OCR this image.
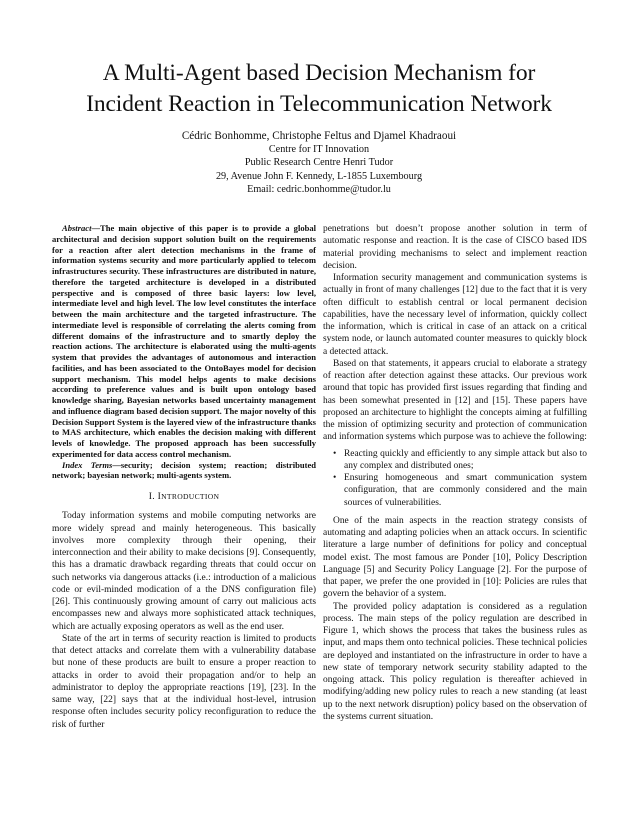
A Multi-Agent based Decision Mechanism for
Incident Reaction in Telecommunication Network
Cédric Bonhomme, Christophe Feltus and Djamel Khadraoui
Centre for IT Innovation
Public Research Centre Henri Tudor
29, Avenue John F. Kennedy, L-1855 Luxembourg
Email: cedric.bonhomme@tudor.lu

Abstract—The main objective of this paper is to provide a global architectural and decision support solution built on the requirements for a reaction after alert detection mechanisms in the frame of information systems security and more particularly applied to telecom infrastructures security. These infrastructures are distributed in nature, therefore the targeted architecture is developed in a distributed perspective and is composed of three basic layers: low level, intermediate level and high level. The low level constitutes the interface between the main architecture and the targeted infrastructure. The intermediate level is responsible of correlating the alerts coming from different domains of the infrastructure and to smartly deploy the reaction actions. The architecture is elaborated using the multi-agents system that provides the advantages of autonomous and interaction facilities, and has been associated to the OntoBayes model for decision support mechanism. This model helps agents to make decisions according to preference values and is built upon ontology based knowledge sharing, Bayesian networks based uncertainty management and influence diagram based decision support. The major novelty of this Decision Support System is the layered view of the infrastructure thanks to MAS architecture, which enables the decision making with different levels of knowledge. The proposed approach has been successfully experimented for data access control mechanism.

Index Terms—security; decision system; reaction; distributed network; bayesian network; multi-agents system.

I. INTRODUCTION

Today information systems and mobile computing networks are more widely spread and mainly heterogeneous. This basically involves more complexity through their opening, their interconnection and their ability to make decisions [9]. Consequently, this has a dramatic drawback regarding threats that could occur on such networks via dangerous attacks (i.e.: introduction of a malicious code or evil-minded modication of a the DNS configuration file) [26]. This continuously growing amount of carry out malicious acts encompasses new and always more sophisticated attack techniques, which are actually exposing operators as well as the end user.

State of the art in terms of security reaction is limited to products that detect attacks and correlate them with a vulnerability database but none of these products are built to ensure a proper reaction to attacks in order to avoid their propagation and/or to help an administrator to deploy the appropriate reactions [19], [23]. In the same way, [22] says that at the individual host-level, intrusion response often includes security policy reconfiguration to reduce the risk of further

penetrations but doesn’t propose another solution in term of automatic response and reaction. It is the case of CISCO based IDS material providing mechanisms to select and implement reaction decision.

Information security management and communication systems is actually in front of many challenges [12] due to the fact that it is very often difficult to establish central or local permanent decision capabilities, have the necessary level of information, quickly collect the information, which is critical in case of an attack on a critical system node, or launch automated counter measures to quickly block a detected attack.

Based on that statements, it appears crucial to elaborate a strategy of reaction after detection against these attacks. Our previous work around that topic has provided first issues regarding that finding and has been somewhat presented in [12] and [15]. These papers have proposed an architecture to highlight the concepts aiming at fulfilling the mission of optimizing security and protection of communication and information systems which purpose was to achieve the following:

• Reacting quickly and efficiently to any simple attack but also to any complex and distributed ones;
• Ensuring homogeneous and smart communication system configuration, that are commonly considered and the main sources of vulnerabilities.

One of the main aspects in the reaction strategy consists of automating and adapting policies when an attack occurs. In scientific literature a large number of definitions for policy and conceptual model exist. The most famous are Ponder [10], Policy Description Language [5] and Security Policy Language [2]. For the purpose of that paper, we prefer the one provided in [10]: Policies are rules that govern the behavior of a system.

The provided policy adaptation is considered as a regulation process. The main steps of the policy regulation are described in Figure 1, which shows the process that takes the business rules as input, and maps them onto technical policies. These technical policies are deployed and instantiated on the infrastructure in order to have a new state of temporary network security stability adapted to the ongoing attack. This policy regulation is thereafter achieved in modifying/adding new policy rules to reach a new standing (at least up to the next network disruption) policy based on the observation of the systems current situation.
